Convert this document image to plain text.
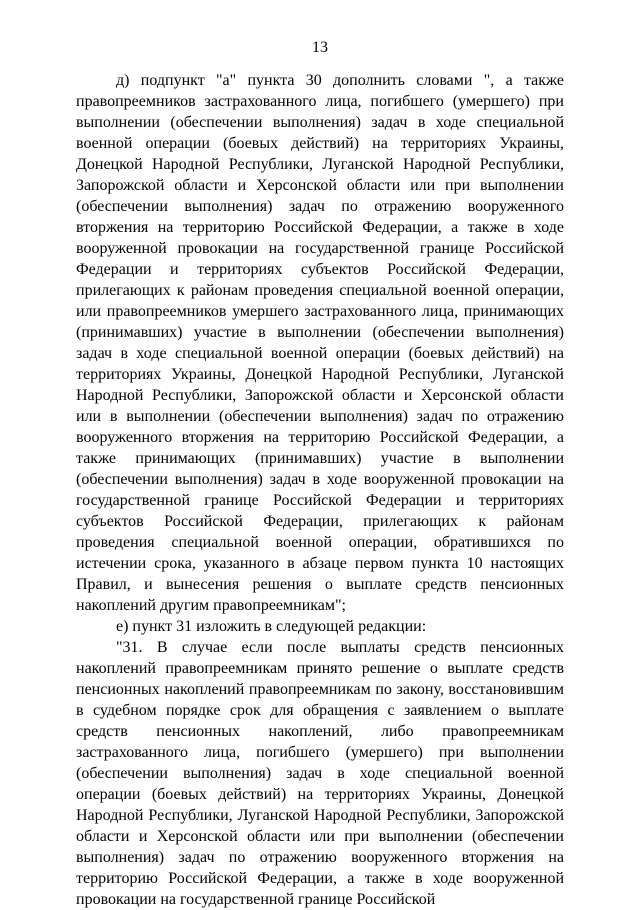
13

д) подпункт "а" пункта 30 дополнить словами ", а также правопреемников застрахованного лица, погибшего (умершего) при выполнении (обеспечении выполнения) задач в ходе специальной военной операции (боевых действий) на территориях Украины, Донецкой Народной Республики, Луганской Народной Республики, Запорожской области и Херсонской области или при выполнении (обеспечении выполнения) задач по отражению вооруженного вторжения на территорию Российской Федерации, а также в ходе вооруженной провокации на государственной границе Российской Федерации и территориях субъектов Российской Федерации, прилегающих к районам проведения специальной военной операции, или правопреемников умершего застрахованного лица, принимающих (принимавших) участие в выполнении (обеспечении выполнения) задач в ходе специальной военной операции (боевых действий) на территориях Украины, Донецкой Народной Республики, Луганской Народной Республики, Запорожской области и Херсонской области или в выполнении (обеспечении выполнения) задач по отражению вооруженного вторжения на территорию Российской Федерации, а также принимающих (принимавших) участие в выполнении (обеспечении выполнения) задач в ходе вооруженной провокации на государственной границе Российской Федерации и территориях субъектов Российской Федерации, прилегающих к районам проведения специальной военной операции, обратившихся по истечении срока, указанного в абзаце первом пункта 10 настоящих Правил, и вынесения решения о выплате средств пенсионных накоплений другим правопреемникам";

е) пункт 31 изложить в следующей редакции:

"31. В случае если после выплаты средств пенсионных накоплений правопреемникам принято решение о выплате средств пенсионных накоплений правопреемникам по закону, восстановившим в судебном порядке срок для обращения с заявлением о выплате средств пенсионных накоплений, либо правопреемникам застрахованного лица, погибшего (умершего) при выполнении (обеспечении выполнения) задач в ходе специальной военной операции (боевых действий) на территориях Украины, Донецкой Народной Республики, Луганской Народной Республики, Запорожской области и Херсонской области или при выполнении (обеспечении выполнения) задач по отражению вооруженного вторжения на территорию Российской Федерации, а также в ходе вооруженной провокации на государственной границе Российской
